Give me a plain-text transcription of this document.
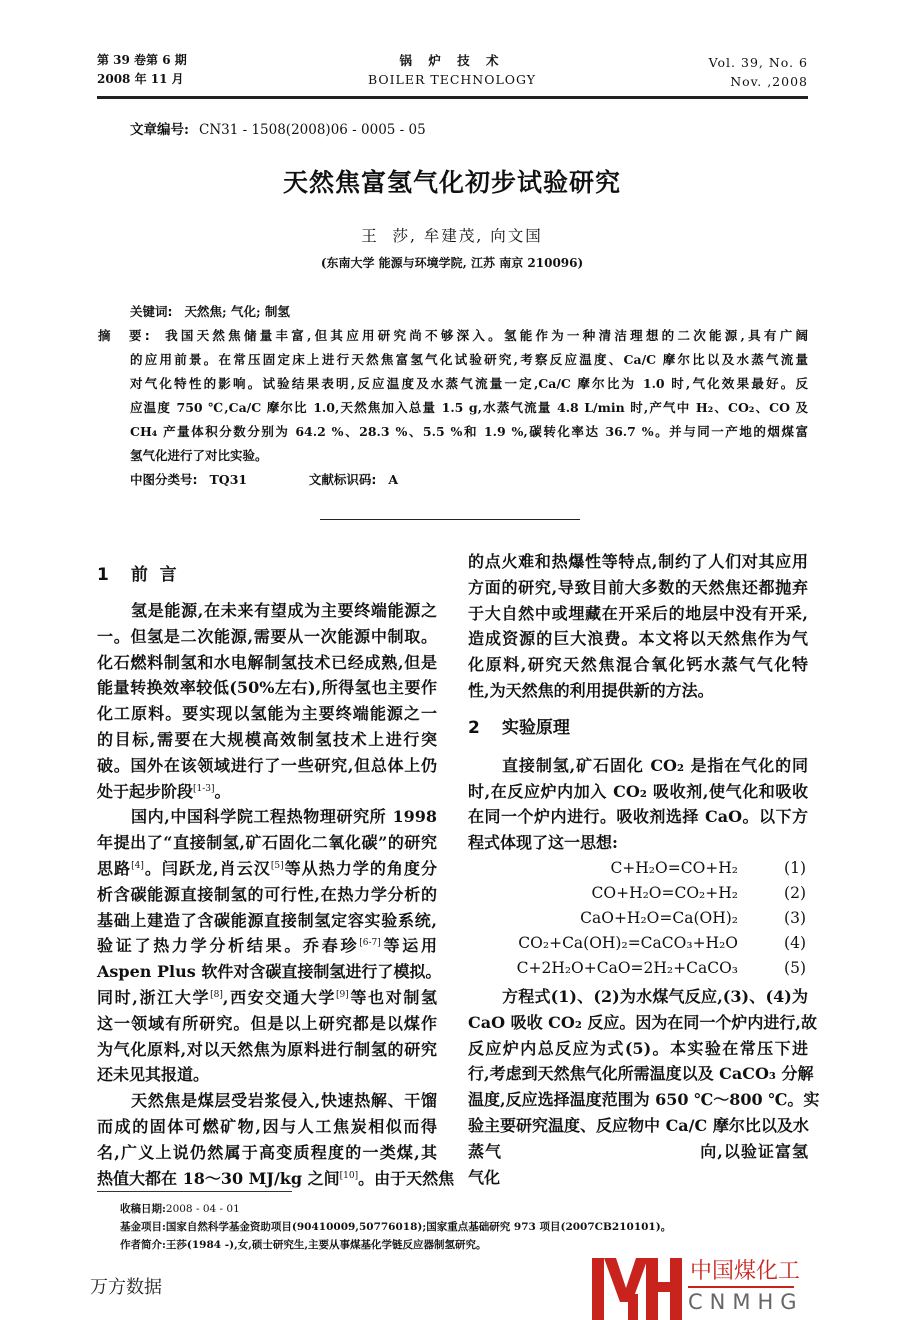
第 39 卷第 6 期
2008 年 11 月
锅 炉 技 术
BOILER TECHNOLOGY
Vol. 39, No. 6
Nov. ,2008
文章编号: CN31 - 1508(2008)06 - 0005 - 05
天然焦富氢气化初步试验研究
王  莎, 牟建茂, 向文国
(东南大学 能源与环境学院, 江苏 南京 210096)
关键词: 天然焦; 气化; 制氢
摘  要: 我国天然焦储量丰富,但其应用研究尚不够深入。氢能作为一种清洁理想的二次能源,具有广阔
的应用前景。在常压固定床上进行天然焦富氢气化试验研究,考察反应温度、Ca/C 摩尔比以及水蒸气流量
对气化特性的影响。试验结果表明,反应温度及水蒸气流量一定,Ca/C 摩尔比为 1.0 时,气化效果最好。反
应温度 750 ℃,Ca/C 摩尔比 1.0,天然焦加入总量 1.5 g,水蒸气流量 4.8 L/min 时,产气中 H₂、CO₂、CO 及
CH₄ 产量体积分数分别为 64.2 %、28.3 %、5.5 %和 1.9 %,碳转化率达 36.7 %。并与同一产地的烟煤富
氢气化进行了对比实验。
中图分类号: TQ31	文献标识码: A
1 前  言
氢是能源,在未来有望成为主要终端能源之
一。但氢是二次能源,需要从一次能源中制取。
化石燃料制氢和水电解制氢技术已经成熟,但是
能量转换效率较低(50%左右),所得氢也主要作
化工原料。要实现以氢能为主要终端能源之一
的目标,需要在大规模高效制氢技术上进行突
破。国外在该领域进行了一些研究,但总体上仍
处于起步阶段[1-3]。
国内,中国科学院工程热物理研究所 1998
年提出了“直接制氢,矿石固化二氧化碳”的研究
思路[4]。闫跃龙,肖云汉[5]等从热力学的角度分
析含碳能源直接制氢的可行性,在热力学分析的
基础上建造了含碳能源直接制氢定容实验系统,
验证了热力学分析结果。乔春珍[6-7]等运用
Aspen Plus 软件对含碳直接制氢进行了模拟。
同时,浙江大学[8],西安交通大学[9]等也对制氢
这一领域有所研究。但是以上研究都是以煤作
为气化原料,对以天然焦为原料进行制氢的研究
还未见其报道。
天然焦是煤层受岩浆侵入,快速热解、干馏
而成的固体可燃矿物,因与人工焦炭相似而得
名,广义上说仍然属于高变质程度的一类煤,其
热值大都在 18～30 MJ/kg 之间[10]。由于天然焦
的点火难和热爆性等特点,制约了人们对其应用
方面的研究,导致目前大多数的天然焦还都抛弃
于大自然中或埋藏在开采后的地层中没有开采,
造成资源的巨大浪费。本文将以天然焦作为气
化原料,研究天然焦混合氧化钙水蒸气气化特
性,为天然焦的利用提供新的方法。
2 实验原理
直接制氢,矿石固化 CO₂ 是指在气化的同
时,在反应炉内加入 CO₂ 吸收剂,使气化和吸收
在同一个炉内进行。吸收剂选择 CaO。以下方
程式体现了这一思想:
C+H₂O=CO+H₂	(1)
CO+H₂O=CO₂+H₂	(2)
CaO+H₂O=Ca(OH)₂	(3)
CO₂+Ca(OH)₂=CaCO₃+H₂O	(4)
C+2H₂O+CaO=2H₂+CaCO₃	(5)
方程式(1)、(2)为水煤气反应,(3)、(4)为
CaO 吸收 CO₂ 反应。因为在同一个炉内进行,故
反应炉内总反应为式(5)。本实验在常压下进
行,考虑到天然焦气化所需温度以及 CaCO₃ 分解
温度,反应选择温度范围为 650 ℃～800 ℃。实
验主要研究温度、反应物中 Ca/C 摩尔比以及水
蒸气                              向,以验证富氢
气化
中国煤化工
CNMHG
收稿日期:2008 - 04 - 01
基金项目:国家自然科学基金资助项目(90410009,50776018);国家重点基础研究 973 项目(2007CB210101)。
作者简介:王莎(1984 -),女,硕士研究生,主要从事煤基化学链反应器制氢研究。
万方数据
